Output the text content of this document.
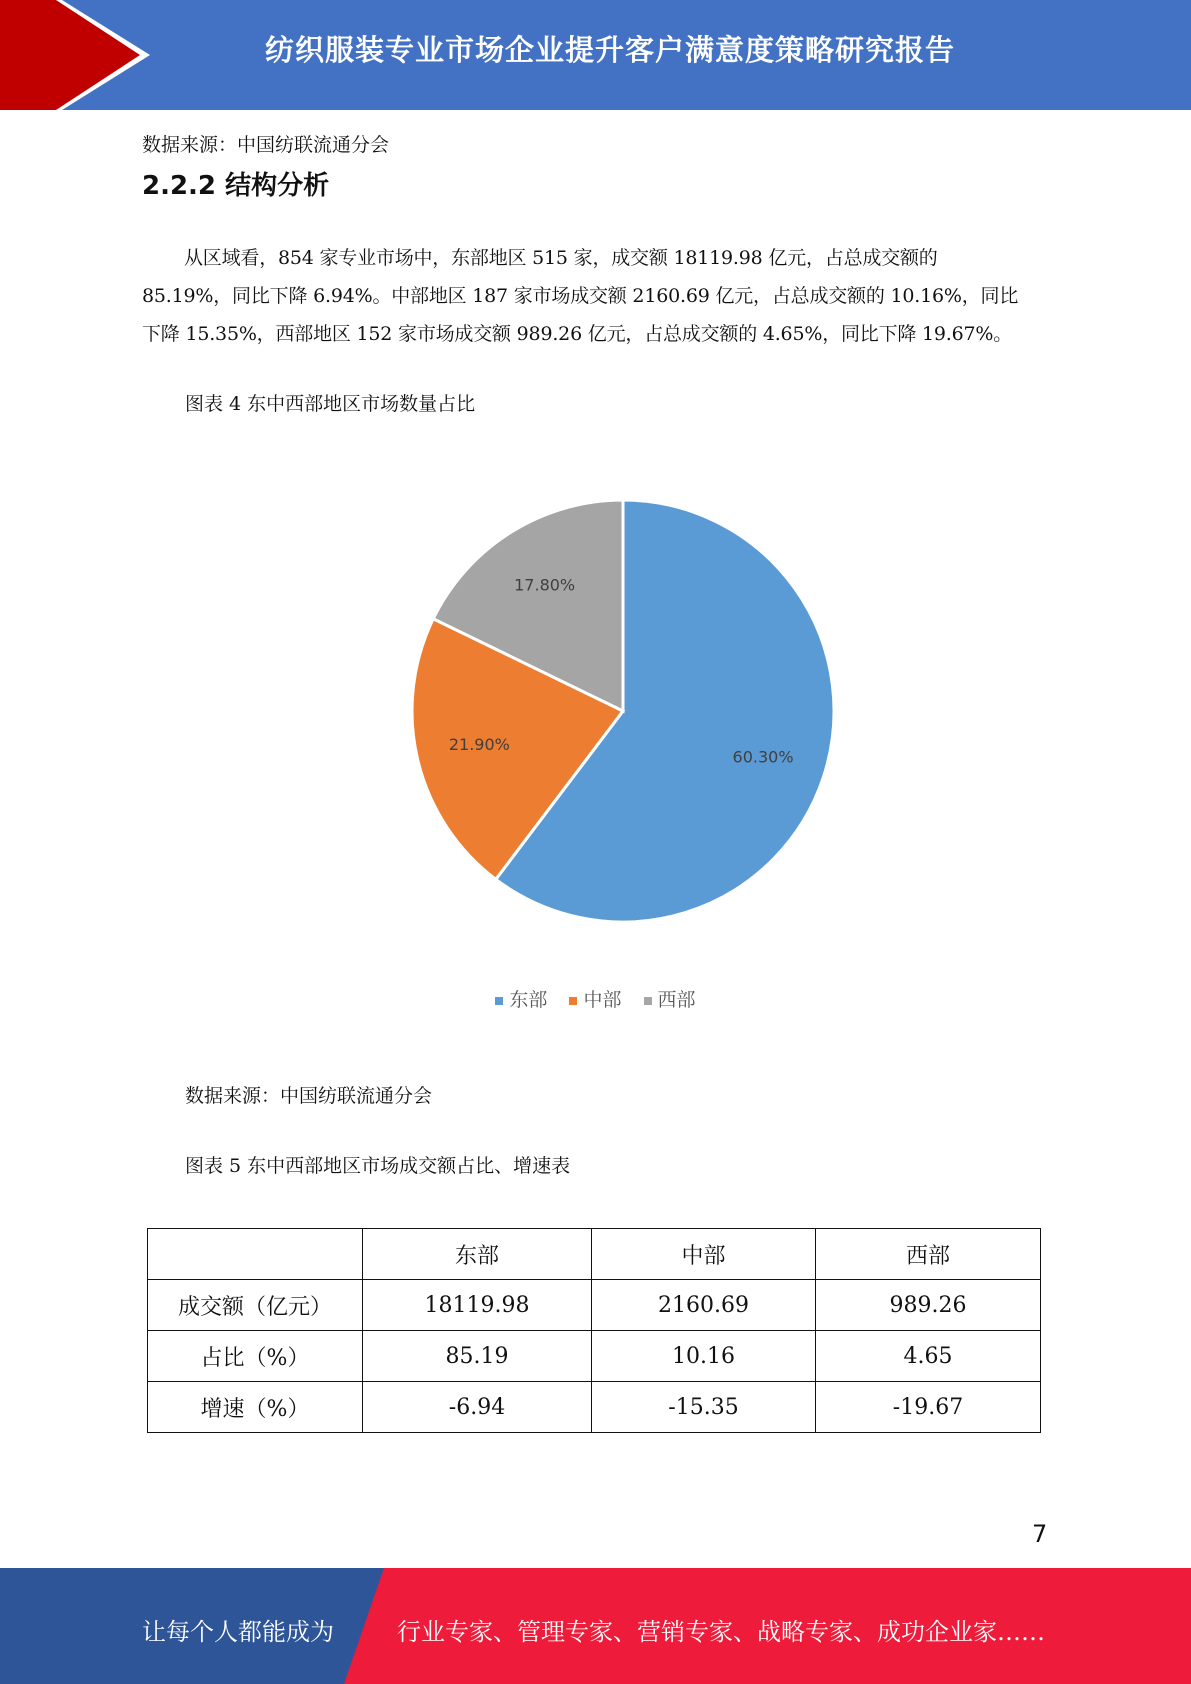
纺织服装专业市场企业提升客户满意度策略研究报告
数据来源：中国纺联流通分会
2.2.2 结构分析

从区域看，854 家专业市场中，东部地区 515 家，成交额 18119.98 亿元，占总成交额的

85.19%，同比下降 6.94%。中部地区 187 家市场成交额 2160.69 亿元，占总成交额的 10.16%，同比

下降 15.35%，西部地区 152 家市场成交额 989.26 亿元，占总成交额的 4.65%，同比下降 19.67%。

图表 4 东中西部地区市场数量占比
60.30%
21.90%
17.80%
东部 中部 西部
数据来源：中国纺联流通分会
图表 5 东中西部地区市场成交额占比、增速表
	东部	中部	西部
成交额（亿元）	18119.98	2160.69	989.26
占比（%）	85.19	10.16	4.65
增速（%）	-6.94	-15.35	-19.67
7
让每个人都能成为	行业专家、管理专家、营销专家、战略专家、成功企业家……
